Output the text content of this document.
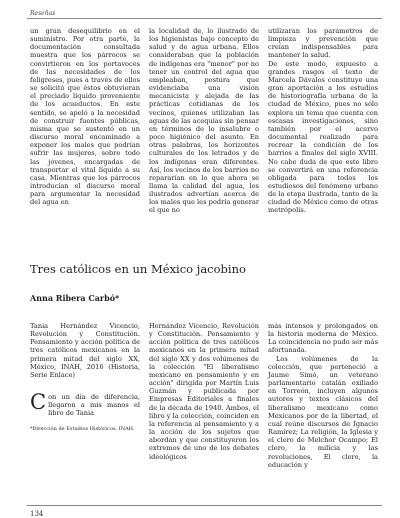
Reseñas

un gran desequilibrio en el suministro. Por otra parte, la documentación consultada muestra que los párrocos se convirtieron en los portavoces de las necesidades de los feligreses, pues a través de ellos se solicitó que éstos obtuvieran el preciado líquido proveniente de los acueductos. En este sentido, se apeló a la necesidad de construir fuentes públicas, misma que se sustentó en un discurso moral encaminado a exponer los males que podrían sufrir las mujeres, sobre todo las jóvenes, encargadas de transportar el vital líquido a su casa. Mientras que los párrocos introducían el discurso moral para argumentar la necesidad del agua en

la localidad de, lo ilustrado de los higienistas bajo concepto de salud y de agua urbana. Ellos consideraban que la población de indígenas era "menor" por no tener un control del agua que empleaban, postura que evidenciaba una visión mecanicista y alejada de las prácticas cotidianas de los vecinos, quienes utilizaban las aguas de las acequias sin pensar en términos de lo insalubre o poco higiénico del asunto. En otras palabras, los horizontes culturales de los letrados y de los indígenas eran diferentes. Así, los vecinos de los barrios no repararían en lo que ahora se llama la calidad del agua, los ilustrados advertían acerca de los males que les podría generar el que no

utilizaran los parámetros de limpieza y prevención que creían indispensables para mantener la salud.
De este modo, expuesto a grandes rasgos el texto de Marcela Dávalos constituye una gran aportación a los estudios de historiografía urbana de la ciudad de México, pues no sólo explora un tema que cuenta con escasas investigaciones, sino también por el acervo documental realizado para recrear la condición de los barrios a finales del siglo XVIII. No cabe duda de que este libro se convertirá en una referencia obligada para todos los estudiosos del fenómeno urbano de la etapa ilustrada, tanto de la ciudad de México como de otras metrópolis.

Tres católicos en un México jacobino
Anna Ribera Carbó*

Tania Hernández Vicencio, Revolución y Constitución. Pensamiento y acción política de tres católicos mexicanos en la primera mitad del siglo XX, México, INAH, 2016 (Historia, Serie Enlace)

Con un día de diferencia, llegaron a mis manos el libro de Tania

*Dirección de Estudios Históricos, INAH.

Hernández Vicencio, Revolución y Constitución. Pensamiento y acción política de tres católicos mexicanos en la primera mitad del siglo XX y dos volúmenes de la colección "El liberalismo mexicano en pensamiento y en acción" dirigida por Martín Luis Guzmán y publicada por Empresas Editoriales a finales de la década de 1940. Ambos, el libro y la colección, coinciden en la referencia al pensamiento y a la acción de los sujetos que abordan y que constituyeron los extremos de uno de los debates ideológicos

más intensos y prolongados en la historia moderna de México. La coincidencia no pudo ser más afortunada.

Los volúmenes de la colección, que perteneció a Jaume Simó, un veterano parlamentario catalán exiliado en Torreón, incluyen algunos autores y textos clásicos del liberalismo mexicano como Mexicanos por de la libertad, el cual reúne discursos de Ignacio Ramírez; La religión, la Iglesia y el clero de Melchor Ocampo; El clero, la milicia y las revoluciones, El clero, la educación y

134
